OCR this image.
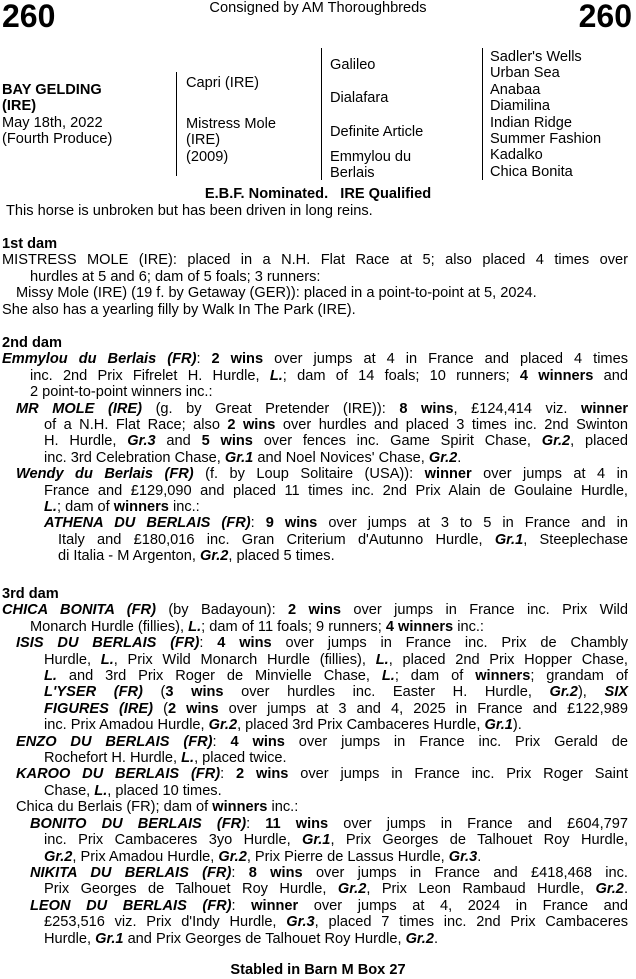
260	Consigned by AM Thoroughbreds	260
BAY GELDING
(IRE)
May 18th, 2022
(Fourth Produce)
Capri (IRE)
Mistress Mole
(IRE)
(2009)
Galileo
Dialafara
Definite Article
Emmylou du
Berlais
Sadler's Wells
Urban Sea
Anabaa
Diamilina
Indian Ridge
Summer Fashion
Kadalko
Chica Bonita
E.B.F. Nominated.   IRE Qualified
This horse is unbroken but has been driven in long reins.
1st dam
MISTRESS MOLE (IRE): placed in a N.H. Flat Race at 5; also placed 4 times over
hurdles at 5 and 6; dam of 5 foals; 3 runners:
Missy Mole (IRE) (19 f. by Getaway (GER)): placed in a point-to-point at 5, 2024.
She also has a yearling filly by Walk In The Park (IRE).
2nd dam
Emmylou du Berlais (FR): 2 wins over jumps at 4 in France and placed 4 times
inc. 2nd Prix Fifrelet H. Hurdle, L.; dam of 14 foals; 10 runners; 4 winners and
2 point-to-point winners inc.:
MR MOLE (IRE) (g. by Great Pretender (IRE)): 8 wins, £124,414 viz. winner
of a N.H. Flat Race; also 2 wins over hurdles and placed 3 times inc. 2nd Swinton
H. Hurdle, Gr.3 and 5 wins over fences inc. Game Spirit Chase, Gr.2, placed
inc. 3rd Celebration Chase, Gr.1 and Noel Novices' Chase, Gr.2.
Wendy du Berlais (FR) (f. by Loup Solitaire (USA)): winner over jumps at 4 in
France and £129,090 and placed 11 times inc. 2nd Prix Alain de Goulaine Hurdle,
L.; dam of winners inc.:
ATHENA DU BERLAIS (FR): 9 wins over jumps at 3 to 5 in France and in
Italy and £180,016 inc. Gran Criterium d'Autunno Hurdle, Gr.1, Steeplechase
di Italia - M Argenton, Gr.2, placed 5 times.
3rd dam
CHICA BONITA (FR) (by Badayoun): 2 wins over jumps in France inc. Prix Wild
Monarch Hurdle (fillies), L.; dam of 11 foals; 9 runners; 4 winners inc.:
ISIS DU BERLAIS (FR): 4 wins over jumps in France inc. Prix de Chambly
Hurdle, L., Prix Wild Monarch Hurdle (fillies), L., placed 2nd Prix Hopper Chase,
L. and 3rd Prix Roger de Minvielle Chase, L.; dam of winners; grandam of
L'YSER (FR) (3 wins over hurdles inc. Easter H. Hurdle, Gr.2), SIX
FIGURES (IRE) (2 wins over jumps at 3 and 4, 2025 in France and £122,989
inc. Prix Amadou Hurdle, Gr.2, placed 3rd Prix Cambaceres Hurdle, Gr.1).
ENZO DU BERLAIS (FR): 4 wins over jumps in France inc. Prix Gerald de
Rochefort H. Hurdle, L., placed twice.
KAROO DU BERLAIS (FR): 2 wins over jumps in France inc. Prix Roger Saint
Chase, L., placed 10 times.
Chica du Berlais (FR); dam of winners inc.:
BONITO DU BERLAIS (FR): 11 wins over jumps in France and £604,797
inc. Prix Cambaceres 3yo Hurdle, Gr.1, Prix Georges de Talhouet Roy Hurdle,
Gr.2, Prix Amadou Hurdle, Gr.2, Prix Pierre de Lassus Hurdle, Gr.3.
NIKITA DU BERLAIS (FR): 8 wins over jumps in France and £418,468 inc.
Prix Georges de Talhouet Roy Hurdle, Gr.2, Prix Leon Rambaud Hurdle, Gr.2.
LEON DU BERLAIS (FR): winner over jumps at 4, 2024 in France and
£253,516 viz. Prix d'Indy Hurdle, Gr.3, placed 7 times inc. 2nd Prix Cambaceres
Hurdle, Gr.1 and Prix Georges de Talhouet Roy Hurdle, Gr.2.
Stabled in Barn M Box 27
